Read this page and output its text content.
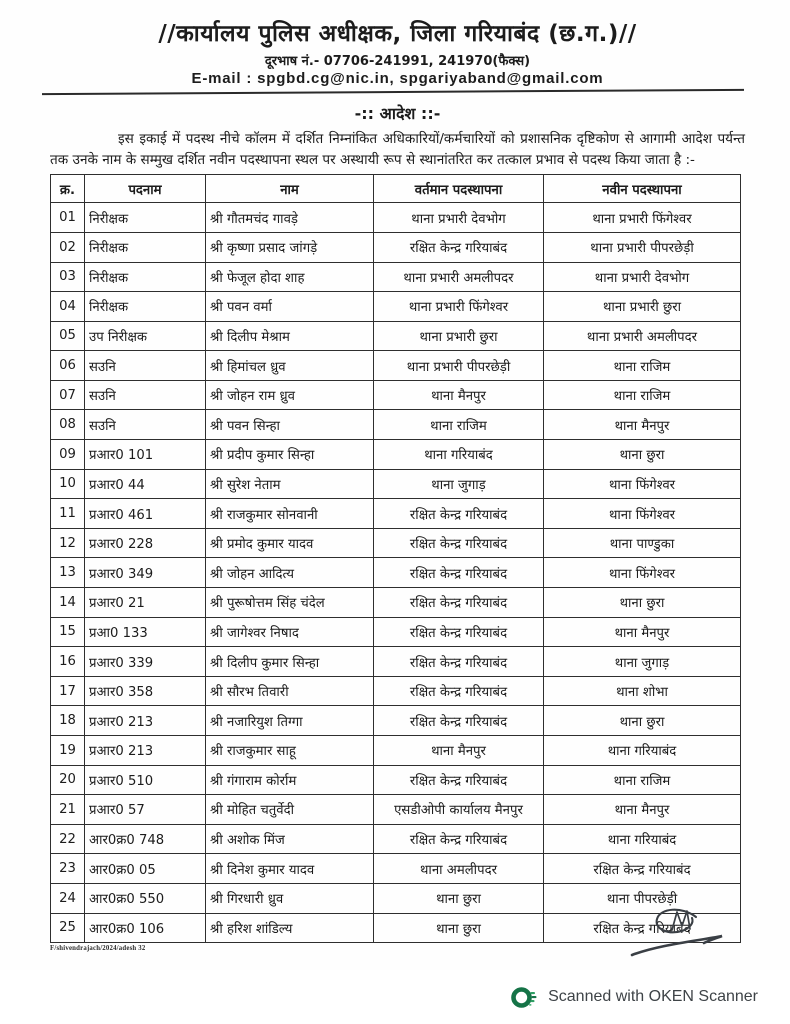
//कार्यालय पुलिस अधीक्षक, जिला गरियाबंद (छ.ग.)//
दूरभाष नं.- 07706-241991, 241970(फैक्स)
E-mail : spgbd.cg@nic.in, spgariyaband@gmail.com
-:: आदेश ::-
इस इकाई में पदस्थ नीचे कॉलम में दर्शित निम्नांकित अधिकारियों/कर्मचारियों को प्रशासनिक दृष्टिकोण से आगामी आदेश पर्यन्त तक उनके नाम के सम्मुख दर्शित नवीन पदस्थापना स्थल पर अस्थायी रूप से स्थानांतरित कर तत्काल प्रभाव से पदस्थ किया जाता है :-
क्र.	पदनाम	नाम	वर्तमान पदस्थापना	नवीन पदस्थापना
01	निरीक्षक	श्री गौतमचंद गावड़े	थाना प्रभारी देवभोग	थाना प्रभारी फिंगेश्वर
02	निरीक्षक	श्री कृष्णा प्रसाद जांगड़े	रक्षित केन्द्र गरियाबंद	थाना प्रभारी पीपरछेड़ी
03	निरीक्षक	श्री फेजूल होदा शाह	थाना प्रभारी अमलीपदर	थाना प्रभारी देवभोग
04	निरीक्षक	श्री पवन वर्मा	थाना प्रभारी फिंगेश्वर	थाना प्रभारी छुरा
05	उप निरीक्षक	श्री दिलीप मेश्राम	थाना प्रभारी छुरा	थाना प्रभारी अमलीपदर
06	सउनि	श्री हिमांचल ध्रुव	थाना प्रभारी पीपरछेड़ी	थाना राजिम
07	सउनि	श्री जोहन राम ध्रुव	थाना मैनपुर	थाना राजिम
08	सउनि	श्री पवन सिन्हा	थाना राजिम	थाना मैनपुर
09	प्रआर0 101	श्री प्रदीप कुमार सिन्हा	थाना गरियाबंद	थाना छुरा
10	प्रआर0 44	श्री सुरेश नेताम	थाना जुगाड़	थाना फिंगेश्वर
11	प्रआर0 461	श्री राजकुमार सोनवानी	रक्षित केन्द्र गरियाबंद	थाना फिंगेश्वर
12	प्रआर0 228	श्री प्रमोद कुमार यादव	रक्षित केन्द्र गरियाबंद	थाना पाण्डुका
13	प्रआर0 349	श्री जोहन आदित्य	रक्षित केन्द्र गरियाबंद	थाना फिंगेश्वर
14	प्रआर0 21	श्री पुरूषोत्तम सिंह चंदेल	रक्षित केन्द्र गरियाबंद	थाना छुरा
15	प्रआ0 133	श्री जागेश्वर निषाद	रक्षित केन्द्र गरियाबंद	थाना मैनपुर
16	प्रआर0 339	श्री दिलीप कुमार सिन्हा	रक्षित केन्द्र गरियाबंद	थाना जुगाड़
17	प्रआर0 358	श्री सौरभ तिवारी	रक्षित केन्द्र गरियाबंद	थाना शोभा
18	प्रआर0 213	श्री नजारियुश तिग्गा	रक्षित केन्द्र गरियाबंद	थाना छुरा
19	प्रआर0 213	श्री राजकुमार साहू	थाना मैनपुर	थाना गरियाबंद
20	प्रआर0 510	श्री गंगाराम कोर्राम	रक्षित केन्द्र गरियाबंद	थाना राजिम
21	प्रआर0 57	श्री मोहित चतुर्वेदी	एसडीओपी कार्यालय मैनपुर	थाना मैनपुर
22	आर0क्र0 748	श्री अशोक मिंज	रक्षित केन्द्र गरियाबंद	थाना गरियाबंद
23	आर0क्र0 05	श्री दिनेश कुमार यादव	थाना अमलीपदर	रक्षित केन्द्र गरियाबंद
24	आर0क्र0 550	श्री गिरधारी ध्रुव	थाना छुरा	थाना पीपरछेड़ी
25	आर0क्र0 106	श्री हरिश शांडिल्य	थाना छुरा	रक्षित केन्द्र गरियाबंद
F/shivendrajach/2024/adesh 32
Scanned with OKEN Scanner
